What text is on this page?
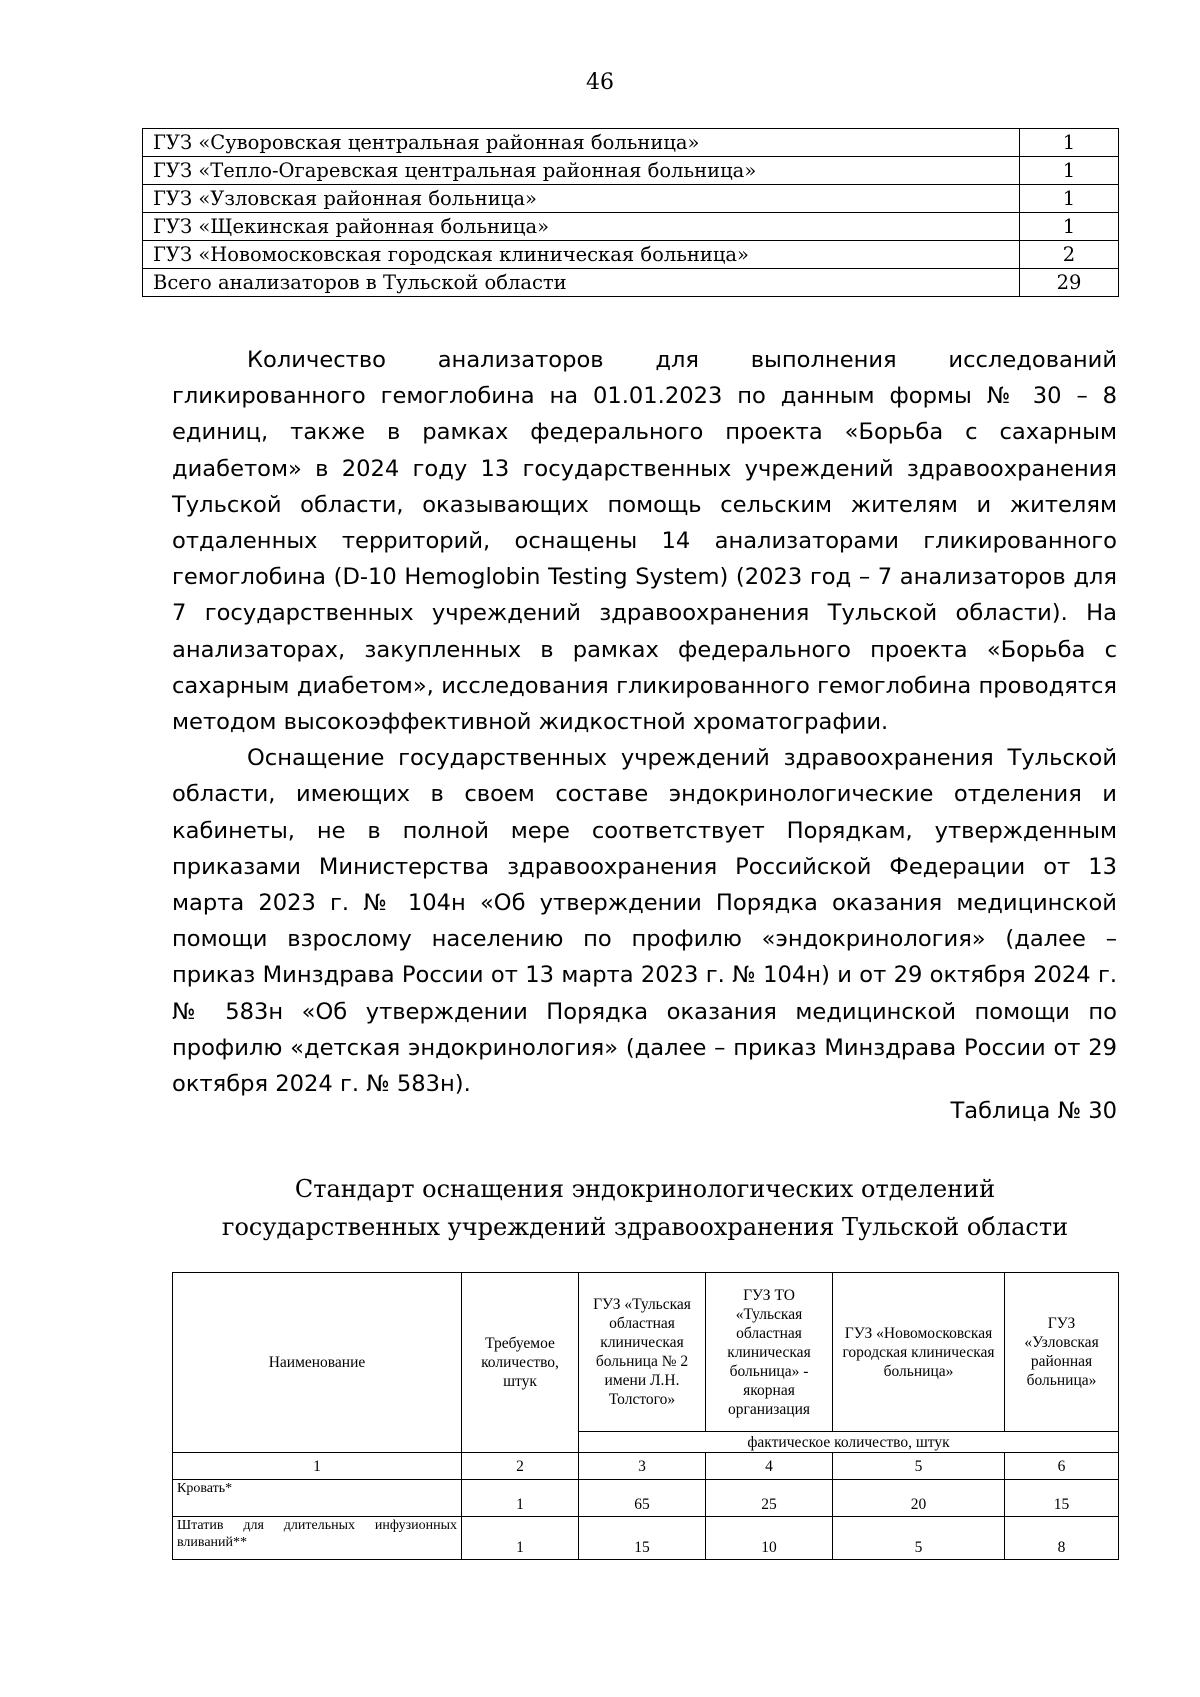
46
ГУЗ «Суворовская центральная районная больница»	1
ГУЗ «Тепло-Огаревская центральная районная больница»	1
ГУЗ «Узловская районная больница»	1
ГУЗ «Щекинская районная больница»	1
ГУЗ «Новомосковская городская клиническая больница»	2
Всего анализаторов в Тульской области	29

Количество анализаторов для выполнения исследований гликированного гемоглобина на 01.01.2023 по данным формы № 30 – 8 единиц, также в рамках федерального проекта «Борьба с сахарным диабетом» в 2024 году 13 государственных учреждений здравоохранения Тульской области, оказывающих помощь сельским жителям и жителям отдаленных территорий, оснащены 14 анализаторами гликированного гемоглобина (D-10 Hemoglobin Testing System) (2023 год – 7 анализаторов для 7 государственных учреждений здравоохранения Тульской области). На анализаторах, закупленных в рамках федерального проекта «Борьба с сахарным диабетом», исследования гликированного гемоглобина проводятся методом высокоэффективной жидкостной хроматографии.

Оснащение государственных учреждений здравоохранения Тульской области, имеющих в своем составе эндокринологические отделения и кабинеты, не в полной мере соответствует Порядкам, утвержденным приказами Министерства здравоохранения Российской Федерации от 13 марта 2023 г. № 104н «Об утверждении Порядка оказания медицинской помощи взрослому населению по профилю «эндокринология» (далее – приказ Минздрава России от 13 марта 2023 г. № 104н) и от 29 октября 2024 г. № 583н «Об утверждении Порядка оказания медицинской помощи по профилю «детская эндокринология» (далее – приказ Минздрава России от 29 октября 2024 г. № 583н).

Таблица № 30
Стандарт оснащения эндокринологических отделений
государственных учреждений здравоохранения Тульской области
Наименование	Требуемое количество, штук	ГУЗ «Тульская областная клиническая больница № 2 имени Л.Н. Толстого»	ГУЗ ТО «Тульская областная клиническая больница» - якорная организация	ГУЗ «Новомосковская городская клиническая больница»	ГУЗ «Узловская районная больница»
		фактическое количество, штук			
1	2	3	4	5	6
Кровать*	1	65	25	20	15
Штатив для длительных инфузионных вливаний**	1	15	10	5	8
